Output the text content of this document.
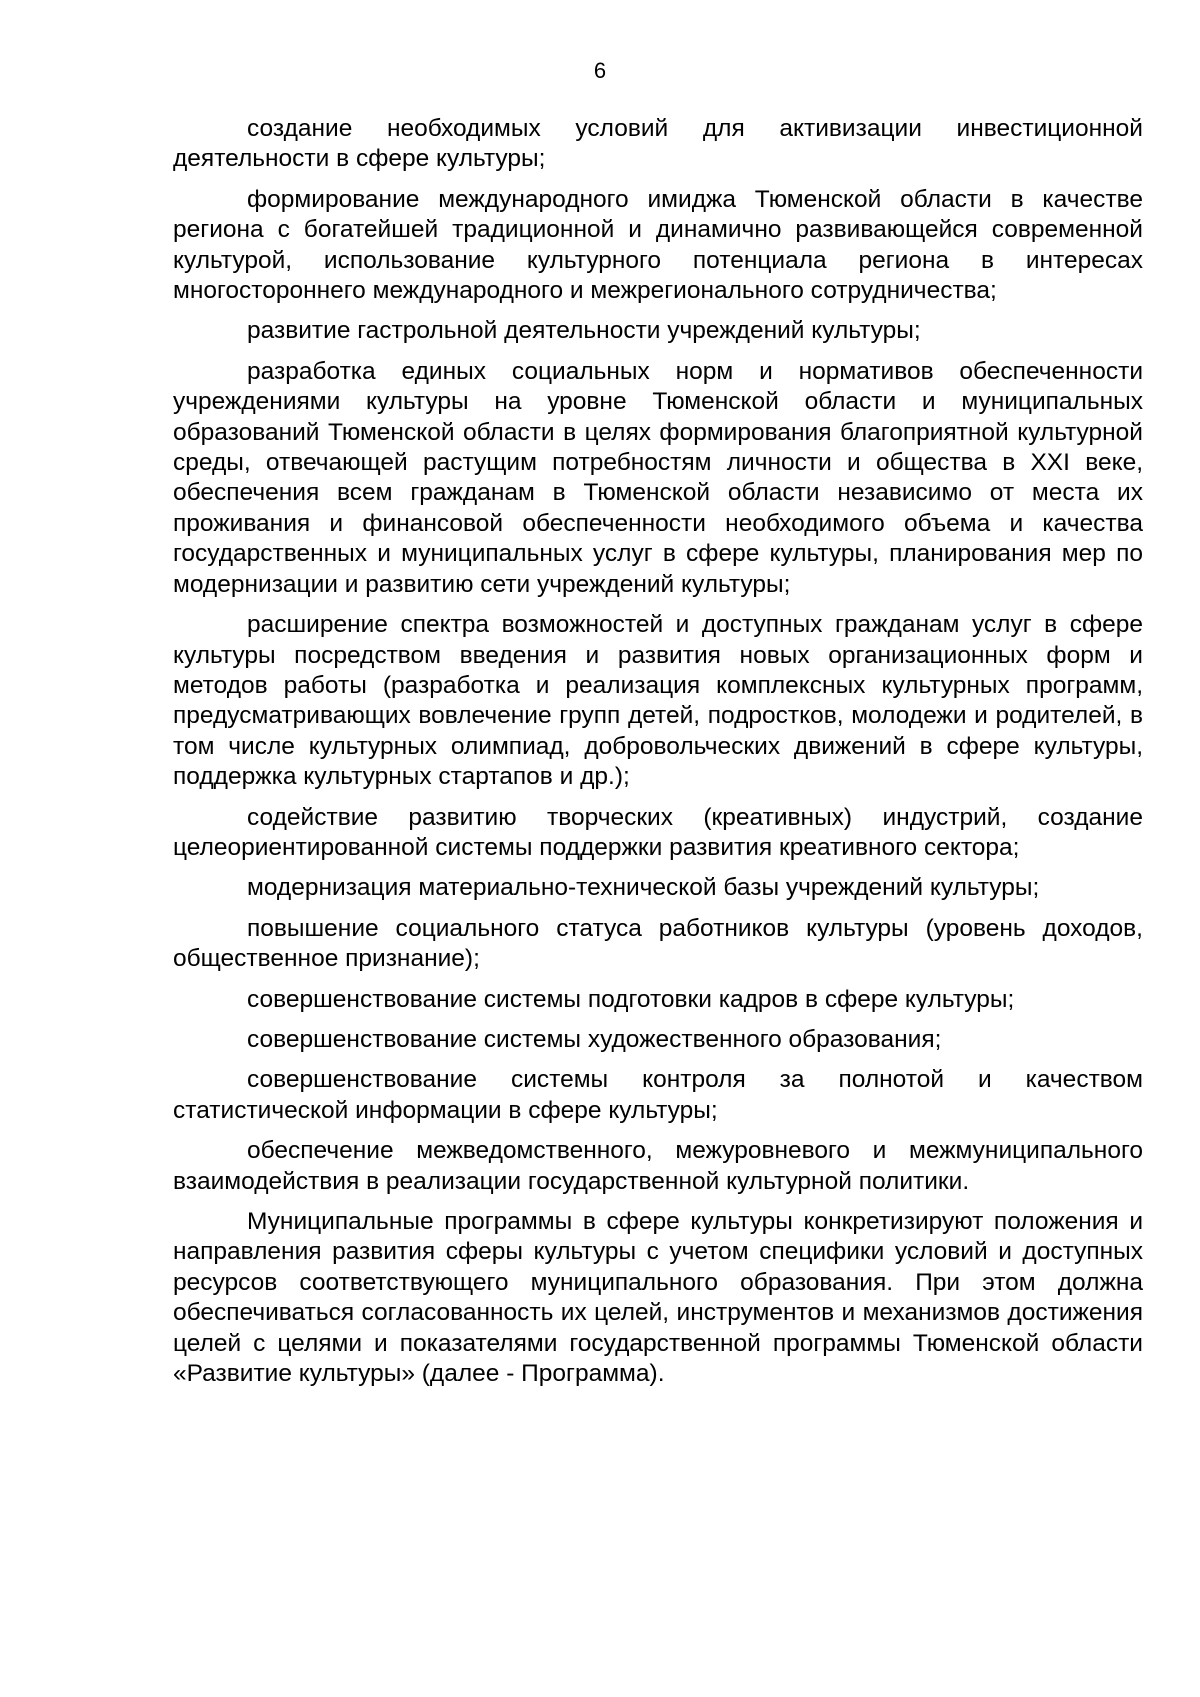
6

создание необходимых условий для активизации инвестиционной деятельности в сфере культуры;

формирование международного имиджа Тюменской области в качестве региона с богатейшей традиционной и динамично развивающейся современной культурой, использование культурного потенциала региона в интересах многостороннего международного и межрегионального сотрудничества;

развитие гастрольной деятельности учреждений культуры;

разработка единых социальных норм и нормативов обеспеченности учреждениями культуры на уровне Тюменской области и муниципальных образований Тюменской области в целях формирования благоприятной культурной среды, отвечающей растущим потребностям личности и общества в XXI веке, обеспечения всем гражданам в Тюменской области независимо от места их проживания и финансовой обеспеченности необходимого объема и качества государственных и муниципальных услуг в сфере культуры, планирования мер по модернизации и развитию сети учреждений культуры;

расширение спектра возможностей и доступных гражданам услуг в сфере культуры посредством введения и развития новых организационных форм и методов работы (разработка и реализация комплексных культурных программ, предусматривающих вовлечение групп детей, подростков, молодежи и родителей, в том числе культурных олимпиад, добровольческих движений в сфере культуры, поддержка культурных стартапов и др.);

содействие развитию творческих (креативных) индустрий, создание целеориентированной системы поддержки развития креативного сектора;

модернизация материально-технической базы учреждений культуры;

повышение социального статуса работников культуры (уровень доходов, общественное признание);

совершенствование системы подготовки кадров в сфере культуры;

совершенствование системы художественного образования;

совершенствование системы контроля за полнотой и качеством статистической информации в сфере культуры;

обеспечение межведомственного, межуровневого и межмуниципального взаимодействия в реализации государственной культурной политики.

Муниципальные программы в сфере культуры конкретизируют положения и направления развития сферы культуры с учетом специфики условий и доступных ресурсов соответствующего муниципального образования. При этом должна обеспечиваться согласованность их целей, инструментов и механизмов достижения целей с целями и показателями государственной программы Тюменской области «Развитие культуры» (далее - Программа).
